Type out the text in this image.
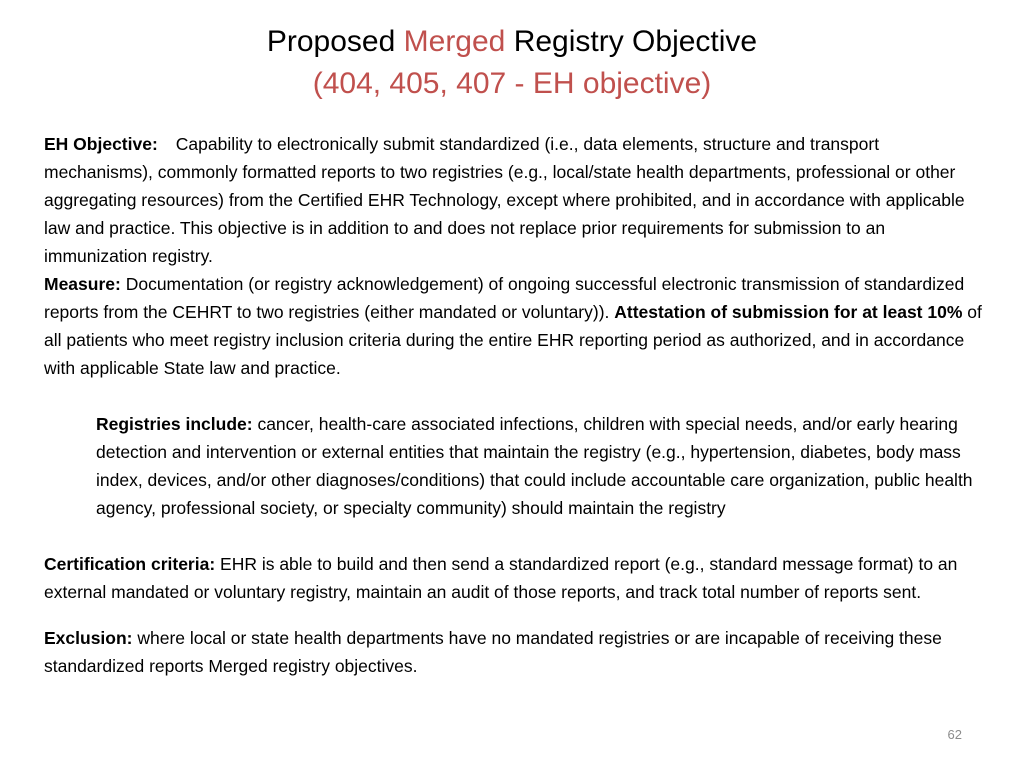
Proposed Merged Registry Objective
(404, 405, 407 - EH objective)

EH Objective: Capability to electronically submit standardized (i.e., data elements, structure and transport mechanisms), commonly formatted reports to two registries (e.g., local/state health departments, professional or other aggregating resources) from the Certified EHR Technology, except where prohibited, and in accordance with applicable law and practice. This objective is in addition to and does not replace prior requirements for submission to an immunization registry.

Measure: Documentation (or registry acknowledgement) of ongoing successful electronic transmission of standardized reports from the CEHRT to two registries (either mandated or voluntary)). Attestation of submission for at least 10% of all patients who meet registry inclusion criteria during the entire EHR reporting period as authorized, and in accordance with applicable State law and practice.

Registries include: cancer, health-care associated infections, children with special needs, and/or early hearing detection and intervention or external entities that maintain the registry (e.g., hypertension, diabetes, body mass index, devices, and/or other diagnoses/conditions) that could include accountable care organization, public health agency, professional society, or specialty community) should maintain the registry

Certification criteria: EHR is able to build and then send a standardized report (e.g., standard message format) to an external mandated or voluntary registry, maintain an audit of those reports, and track total number of reports sent.

Exclusion: where local or state health departments have no mandated registries or are incapable of receiving these standardized reports Merged registry objectives.

62
